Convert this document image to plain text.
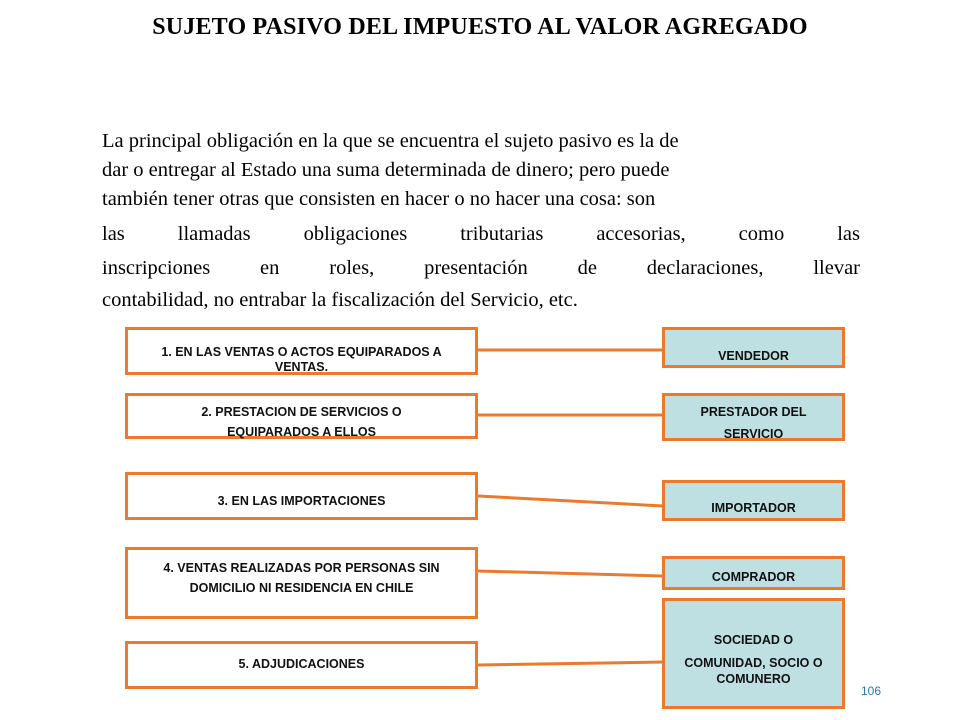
SUJETO PASIVO DEL IMPUESTO AL VALOR AGREGADO
La principal obligación en la que se encuentra el sujeto pasivo es la de
dar o entregar al Estado una suma determinada de dinero; pero puede
también tener otras que consisten en hacer o no hacer una cosa: son
las llamadas obligaciones tributarias accesorias, como las
inscripciones en roles, presentación de declaraciones, llevar
contabilidad, no entrabar la fiscalización del Servicio, etc.
1. EN LAS VENTAS O ACTOS EQUIPARADOS A
VENTAS.
VENDEDOR
2. PRESTACION DE SERVICIOS O
EQUIPARADOS A ELLOS
PRESTADOR DEL
SERVICIO
3. EN LAS IMPORTACIONES	IMPORTADOR
4. VENTAS REALIZADAS POR PERSONAS SIN
DOMICILIO NI RESIDENCIA EN CHILE
COMPRADOR
5. ADJUDICACIONES
SOCIEDAD O
COMUNIDAD, SOCIO O
COMUNERO
106
